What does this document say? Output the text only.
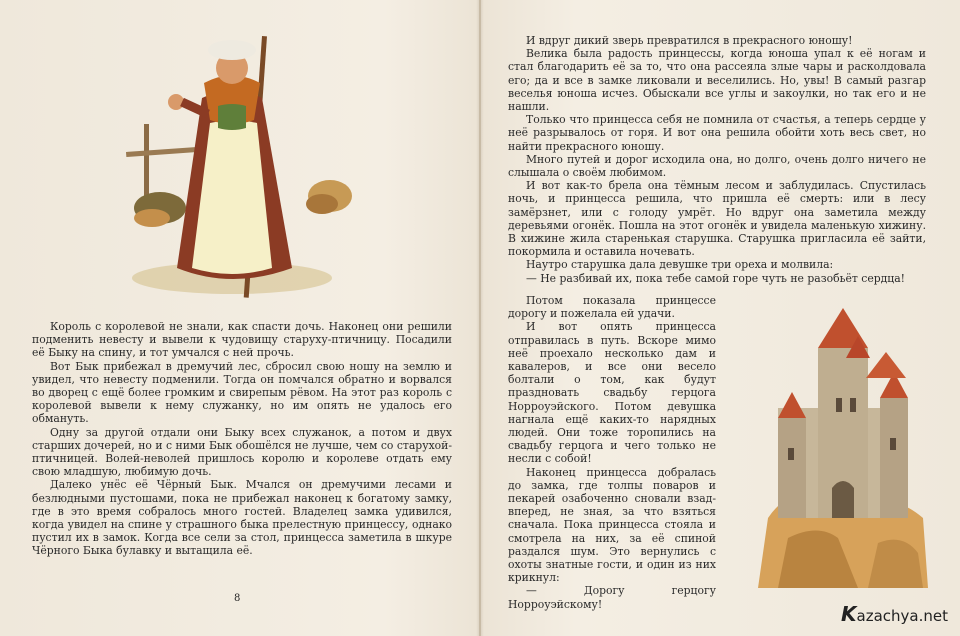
Король с королевой не знали, как спасти дочь. Наконец они решили подменить невесту и вывели к чудовищу старуху-птичницу. Посадили её Быку на спину, и тот умчался с ней прочь.

Вот Бык прибежал в дремучий лес, сбросил свою ношу на землю и увидел, что невесту подменили. Тогда он помчался обратно и ворвался во дворец с ещё более громким и свирепым рёвом. На этот раз король с королевой вывели к нему служанку, но им опять не удалось его обмануть.

Одну за другой отдали они Быку всех служанок, а потом и двух старших дочерей, но и с ними Бык обошёлся не лучше, чем со старухой-птичницей. Волей-неволей пришлось королю и королеве отдать ему свою младшую, любимую дочь.

Далеко унёс её Чёрный Бык. Мчался он дремучими лесами и безлюдными пустошами, пока не прибежал наконец к богатому замку, где в это время собралось много гостей. Владелец замка удивился, когда увидел на спине у страшного быка прелестную принцессу, однако пустил их в замок. Когда все сели за стол, принцесса заметила в шкуре Чёрного Быка булавку и вытащила её.

8

И вдруг дикий зверь превратился в прекрасного юношу!

Велика была радость принцессы, когда юноша упал к её ногам и стал благодарить её за то, что она рассеяла злые чары и расколдовала его; да и все в замке ликовали и веселились. Но, увы! В самый разгар веселья юноша исчез. Обыскали все углы и закоулки, но так его и не нашли.

Только что принцесса себя не помнила от счастья, а теперь сердце у неё разрывалось от горя. И вот она решила обойти хоть весь свет, но найти прекрасного юношу.

Много путей и дорог исходила она, но долго, очень долго ничего не слышала о своём любимом.

И вот как-то брела она тёмным лесом и заблудилась. Спустилась ночь, и принцесса решила, что пришла её смерть: или в лесу замёрзнет, или с голоду умрёт. Но вдруг она заметила между деревьями огонёк. Пошла на этот огонёк и увидела маленькую хижину. В хижине жила старенькая старушка. Старушка пригласила её зайти, покормила и оставила ночевать.

Наутро старушка дала девушке три ореха и молвила:

— Не разбивай их, пока тебе самой горе чуть не разобьёт сердца!

Потом показала принцессе дорогу и пожелала ей удачи.

И вот опять принцесса отправилась в путь. Вскоре мимо неё проехало несколько дам и кавалеров, и все они весело болтали о том, как будут праздновать свадьбу герцога Норроуэйского. Потом девушка нагнала ещё каких-то нарядных людей. Они тоже торопились на свадьбу герцога и чего только не несли с собой!

Наконец принцесса добралась до замка, где толпы поваров и пекарей озабоченно сновали взад-вперед, не зная, за что взяться сначала. Пока принцесса стояла и смотрела на них, за её спиной раздался шум. Это вернулись с охоты знатные гости, и один из них крикнул:

— Дорогу герцогу Норроуэйскому!	Kazachya.net
